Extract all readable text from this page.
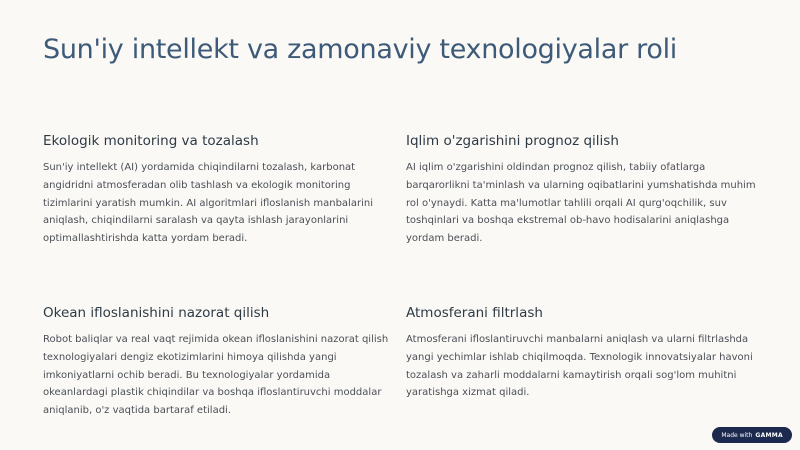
Sun'iy intellekt va zamonaviy texnologiyalar roli
Ekologik monitoring va tozalash

Sun'iy intellekt (AI) yordamida chiqindilarni tozalash, karbonat angidridni atmosferadan olib tashlash va ekologik monitoring tizimlarini yaratish mumkin. AI algoritmlari ifloslanish manbalarini aniqlash, chiqindilarni saralash va qayta ishlash jarayonlarini optimallashtirishda katta yordam beradi.

Iqlim o'zgarishini prognoz qilish

AI iqlim o'zgarishini oldindan prognoz qilish, tabiiy ofatlarga barqarorlikni ta'minlash va ularning oqibatlarini yumshatishda muhim rol o'ynaydi. Katta ma'lumotlar tahlili orqali AI qurg'oqchilik, suv toshqinlari va boshqa ekstremal ob-havo hodisalarini aniqlashga yordam beradi.

Okean ifloslanishini nazorat qilish

Robot baliqlar va real vaqt rejimida okean ifloslanishini nazorat qilish texnologiyalari dengiz ekotizimlarini himoya qilishda yangi imkoniyatlarni ochib beradi. Bu texnologiyalar yordamida okeanlardagi plastik chiqindilar va boshqa ifloslantiruvchi moddalar aniqlanib, o'z vaqtida bartaraf etiladi.

Atmosferani filtrlash

Atmosferani ifloslantiruvchi manbalarni aniqlash va ularni filtrlashda yangi yechimlar ishlab chiqilmoqda. Texnologik innovatsiyalar havoni tozalash va zaharli moddalarni kamaytirish orqali sog'lom muhitni yaratishga xizmat qiladi.

Made with GAMMA
